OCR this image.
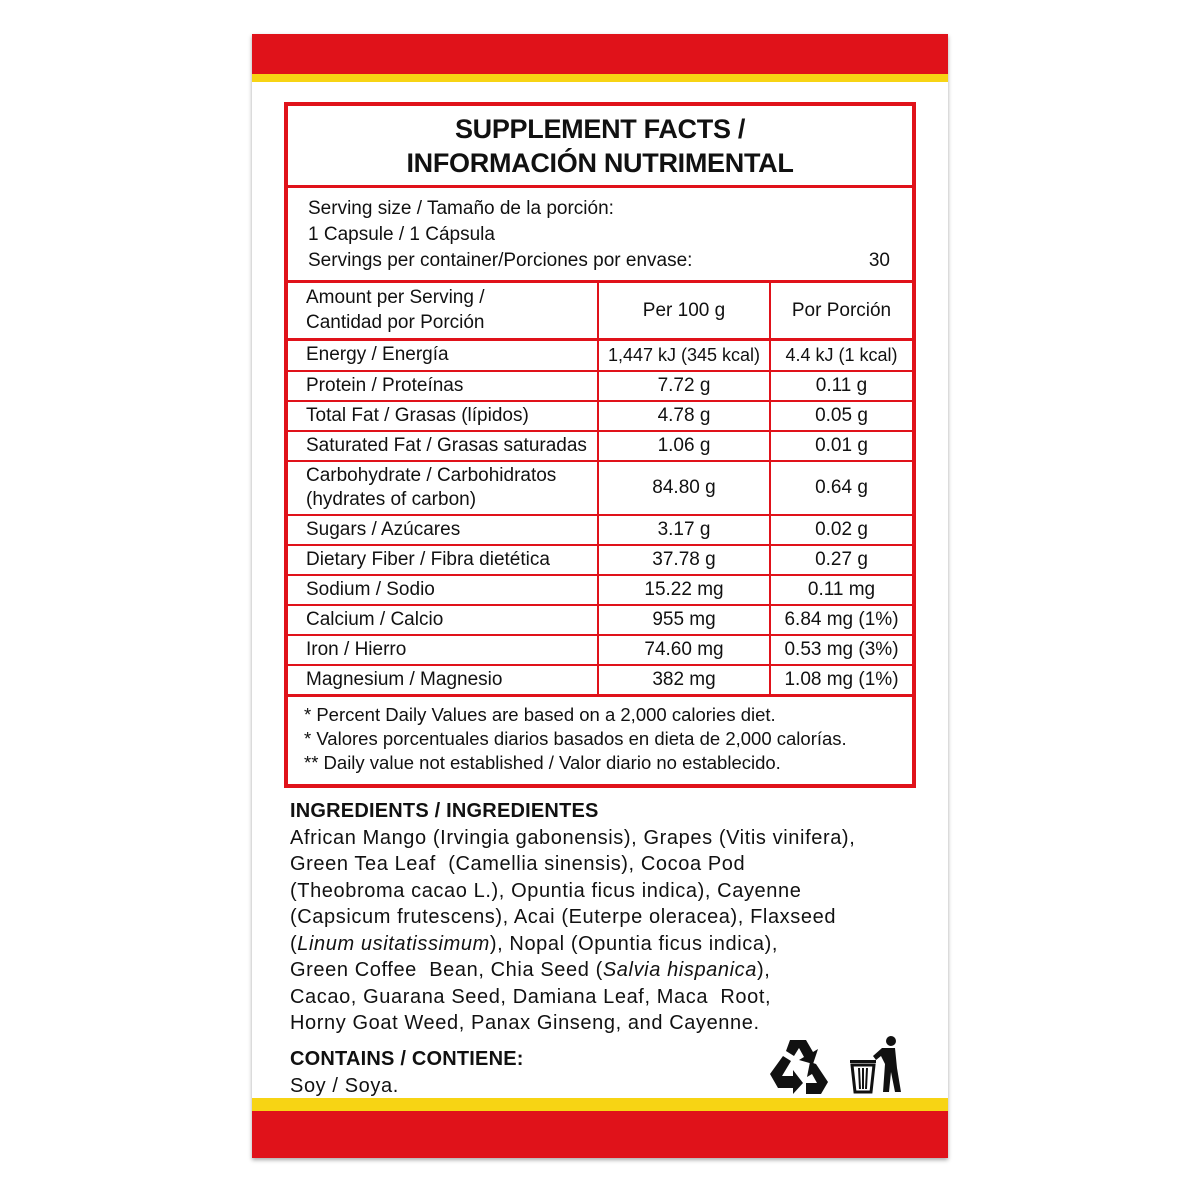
SUPPLEMENT FACTS /
INFORMACIÓN NUTRIMENTAL
Serving size / Tamaño de la porción:
1 Capsule / 1 Cápsula
Servings per container/Porciones por envase:	30
Amount per Serving /
Cantidad por Porción	Per 100 g	Por Porción
Energy / Energía	1,447 kJ (345 kcal)	4.4 kJ (1 kcal)
Protein / Proteínas	7.72 g	0.11 g
Total Fat / Grasas (lípidos)	4.78 g	0.05 g
Saturated Fat / Grasas saturadas	1.06 g	0.01 g

Carbohydrate / Carbohidratos
(hydrates of carbon)	84.80 g	0.64 g
Sugars / Azúcares	3.17 g	0.02 g
Dietary Fiber / Fibra dietética	37.78 g	0.27 g
Sodium / Sodio	15.22 mg	0.11 mg
Calcium / Calcio	955 mg	6.84 mg (1%)
Iron / Hierro	74.60 mg	0.53 mg (3%)
Magnesium / Magnesio	382 mg	1.08 mg (1%)
* Percent Daily Values are based on a 2,000 calories diet.
* Valores porcentuales diarios basados en dieta de 2,000 calorías.
** Daily value not established / Valor diario no establecido.
INGREDIENTS / INGREDIENTES
African Mango (Irvingia gabonensis), Grapes (Vitis vinifera),
Green Tea Leaf  (Camellia sinensis), Cocoa Pod
(Theobroma cacao L.), Opuntia ficus indica), Cayenne
(Capsicum frutescens), Acai (Euterpe oleracea), Flaxseed
(Linum usitatissimum), Nopal (Opuntia ficus indica),
Green Coffee  Bean, Chia Seed (Salvia hispanica),
Cacao, Guarana Seed, Damiana Leaf, Maca  Root,
Horny Goat Weed, Panax Ginseng, and Cayenne.
CONTAINS / CONTIENE:
Soy / Soya.
